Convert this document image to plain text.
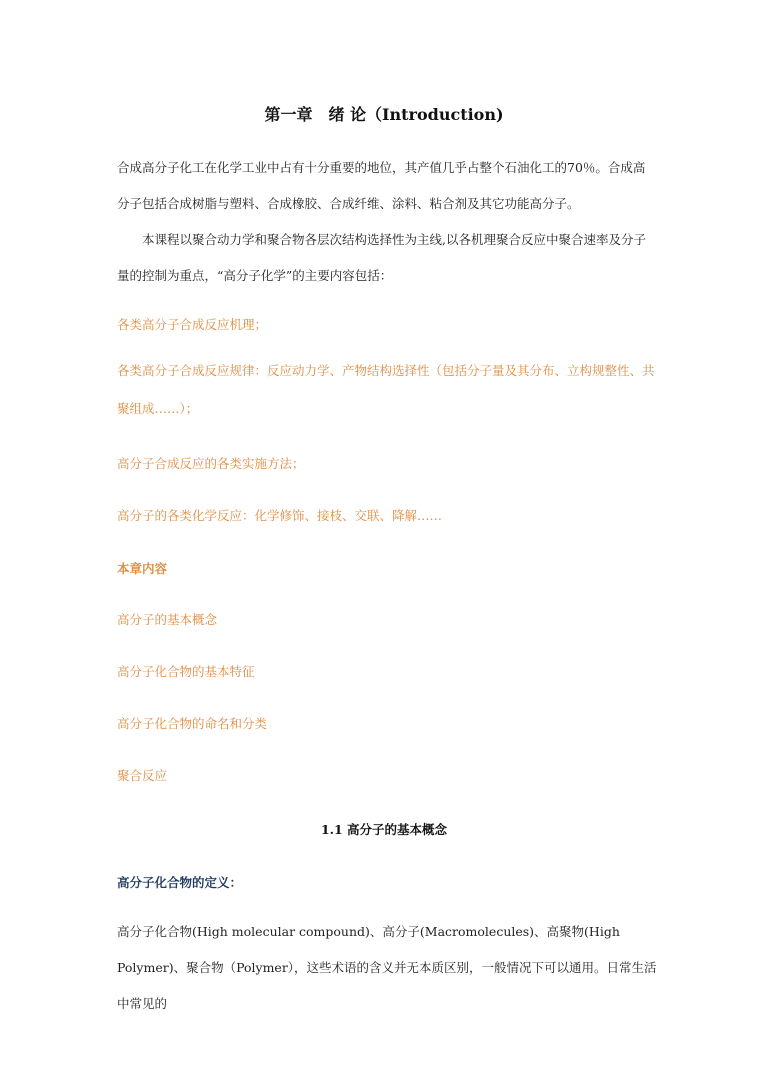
第一章　绪 论（Introduction)

合成高分子化工在化学工业中占有十分重要的地位，其产值几乎占整个石油化工的70％。合成高分子包括合成树脂与塑料、合成橡胶、合成纤维、涂料、粘合剂及其它功能高分子。

本课程以聚合动力学和聚合物各层次结构选择性为主线,以各机理聚合反应中聚合速率及分子量的控制为重点，“高分子化学”的主要内容包括：

各类高分子合成反应机理；

各类高分子合成反应规律：反应动力学、产物结构选择性（包括分子量及其分布、立构规整性、共聚组成……）；

高分子合成反应的各类实施方法；

高分子的各类化学反应：化学修饰、接枝、交联、降解……

本章内容

高分子的基本概念

高分子化合物的基本特征

高分子化合物的命名和分类

聚合反应

1.1 高分子的基本概念

高分子化合物的定义：

高分子化合物(High molecular compound)、高分子(Macromolecules)、高聚物(High Polymer)、聚合物（Polymer），这些术语的含义并无本质区别，一般情况下可以通用。日常生活中常见的
